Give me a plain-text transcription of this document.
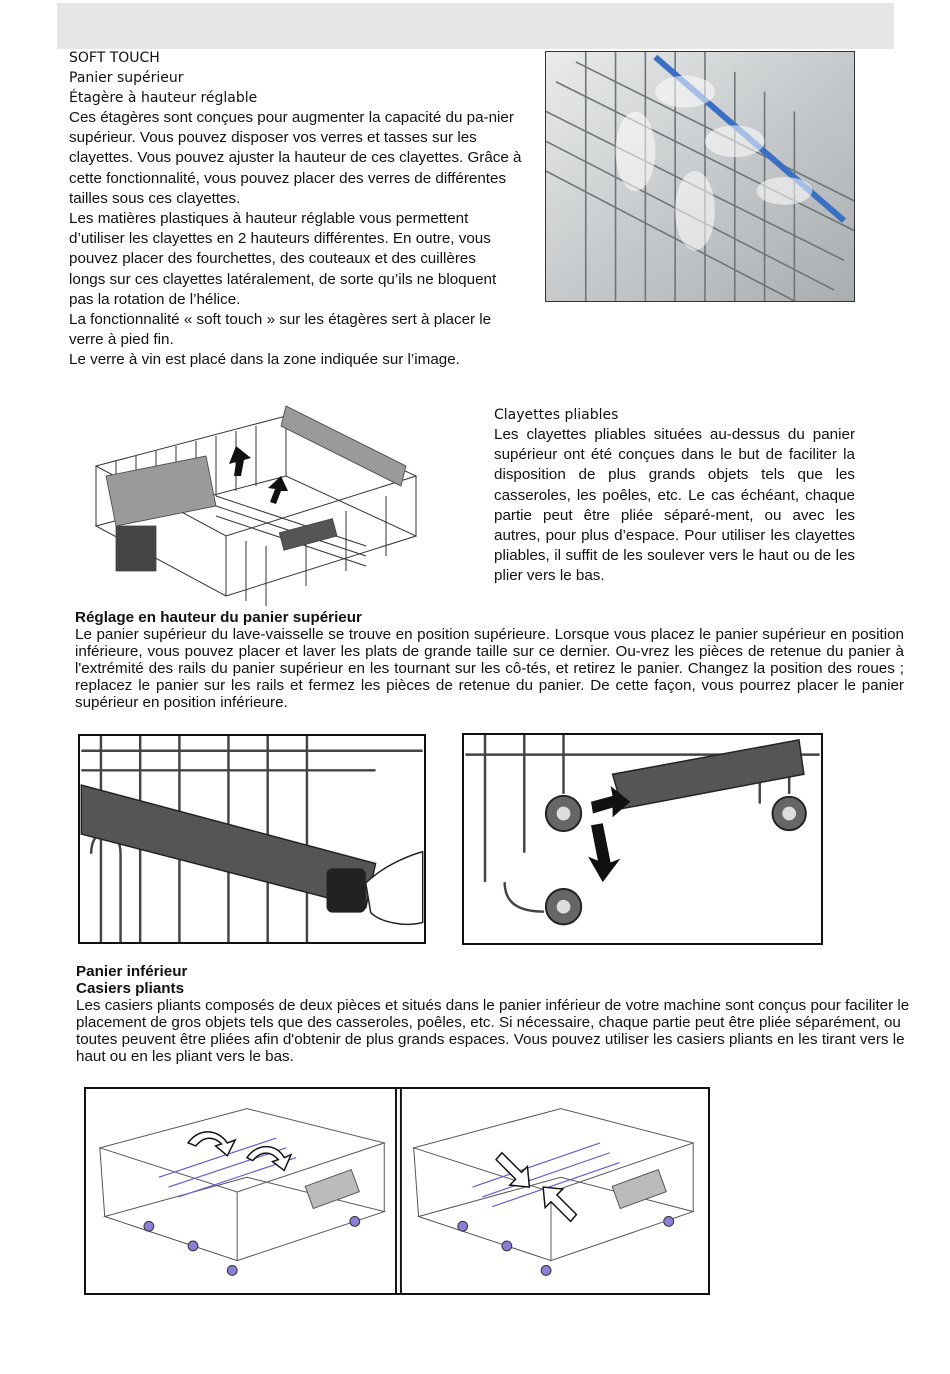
SOFT TOUCH
Panier supérieur
Étagère à hauteur réglable

Ces étagères sont conçues pour augmenter la capacité du pa-nier supérieur. Vous pouvez disposer vos verres et tasses sur les clayettes. Vous pouvez ajuster la hauteur de ces clayettes. Grâce à cette fonctionnalité, vous pouvez placer des verres de différentes tailles sous ces clayettes.

Les matières plastiques à hauteur réglable vous permettent d’utiliser les clayettes en 2 hauteurs différentes. En outre, vous pouvez placer des fourchettes, des couteaux et des cuillères longs sur ces clayettes latéralement, de sorte qu’ils ne bloquent pas la rotation de l’hélice.

La fonctionnalité « soft touch » sur les étagères sert à placer le verre à pied fin.

Le verre à vin est placé dans la zone indiquée sur l’image.

Clayettes pliables

Les clayettes pliables situées au-dessus du panier supérieur ont été conçues dans le but de faciliter la disposition de plus grands objets tels que les casseroles, les poêles, etc. Le cas échéant, chaque partie peut être pliée séparé-ment, ou avec les autres, pour plus d’espace. Pour utiliser les clayettes pliables, il suffit de les soulever vers le haut ou de les plier vers le bas.

Réglage en hauteur du panier supérieur

Le panier supérieur du lave-vaisselle se trouve en position supérieure. Lorsque vous placez le panier supérieur en position inférieure, vous pouvez placer et laver les plats de grande taille sur ce dernier. Ou-vrez les pièces de retenue du panier à l'extrémité des rails du panier supérieur en les tournant sur les cô-tés, et retirez le panier. Changez la position des roues ; replacez le panier sur les rails et fermez les pièces de retenue du panier. De cette façon, vous pourrez placer le panier supérieur en position inférieure.

Panier inférieur
Casiers pliants

Les casiers pliants composés de deux pièces et situés dans le panier inférieur de votre machine sont conçus pour faciliter le placement de gros objets tels que des casseroles, poêles, etc. Si nécessaire, chaque partie peut être pliée séparément, ou toutes peuvent être pliées afin d'obtenir de plus grands espaces. Vous pouvez utiliser les casiers pliants en les tirant vers le haut ou en les pliant vers le bas.
